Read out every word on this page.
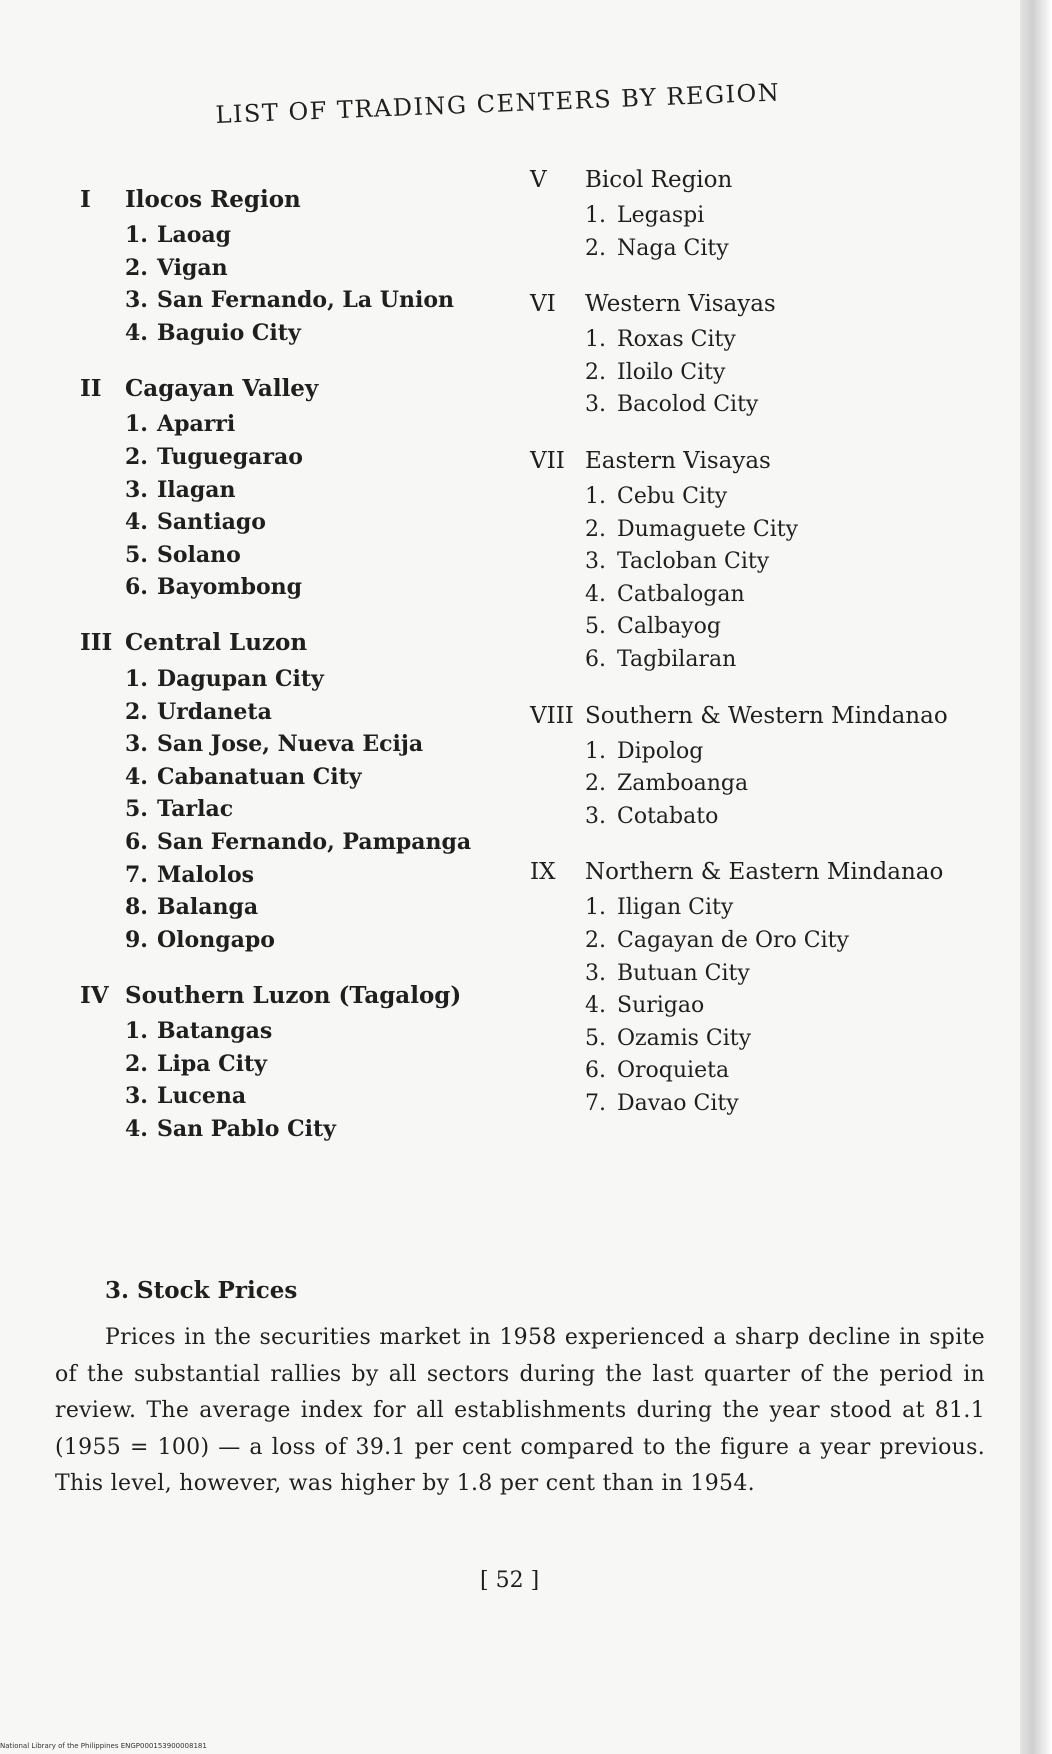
LIST OF TRADING CENTERS BY REGION
I	Ilocos Region
1. Laoag
2. Vigan
3. San Fernando, La Union
4. Baguio City
II	Cagayan Valley
1. Aparri
2. Tuguegarao
3. Ilagan
4. Santiago
5. Solano
6. Bayombong
III Central Luzon
1. Dagupan City
2. Urdaneta
3. San Jose, Nueva Ecija
4. Cabanatuan City
5. Tarlac
6. San Fernando, Pampanga
7. Malolos
8. Balanga
9. Olongapo
IV Southern Luzon (Tagalog)
1. Batangas
2. Lipa City
3. Lucena
4. San Pablo City
V	Bicol Region
1. Legaspi
2. Naga City
VI	Western Visayas
1. Roxas City
2. Iloilo City
3. Bacolod City
VII Eastern Visayas
1. Cebu City
2. Dumaguete City
3. Tacloban City
4. Catbalogan
5. Calbayog
6. Tagbilaran
VIII Southern & Western Mindanao
1. Dipolog
2. Zamboanga
3. Cotabato
IX	Northern & Eastern Mindanao
1. Iligan City
2. Cagayan de Oro City
3. Butuan City
4. Surigao
5. Ozamis City
6. Oroquieta
7. Davao City
3. Stock Prices

Prices in the securities market in 1958 experienced a sharp decline in spite of the substantial rallies by all sectors during the last quarter of the period in review. The average index for all establishments during the year stood at 81.1 (1955 = 100) — a loss of 39.1 per cent compared to the figure a year previous. This level, however, was higher by 1.8 per cent than in 1954.

[ 52 ]
National Library of the Philippines ENGP000153900008181
